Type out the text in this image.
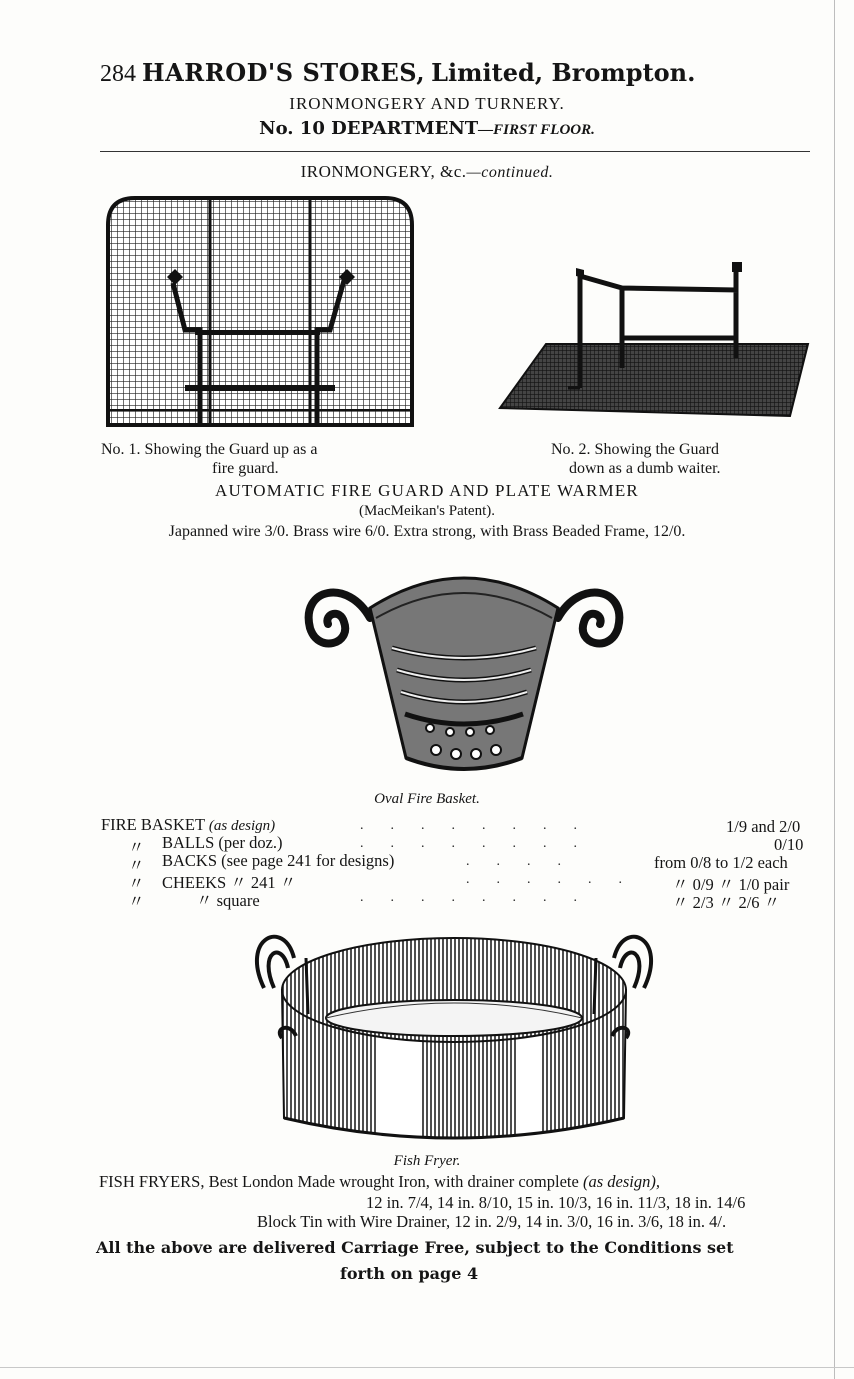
284 HARROD'S STORES, Limited, Brompton.
IRONMONGERY AND TURNERY.
No. 10 DEPARTMENT—FIRST FLOOR.
IRONMONGERY, &c.—continued.
No. 1. Showing the Guard up as a
fire guard.
No. 2. Showing the Guard
down as a dumb waiter.
AUTOMATIC FIRE GUARD AND PLATE WARMER
(MacMeikan's Patent).
Japanned wire 3/0. Brass wire 6/0. Extra strong, with Brass Beaded Frame, 12/0.
Oval Fire Basket.
FIRE BASKET (as design)	........	1/9 and 2/0
〃 BALLS (per doz.)	........	0/10
〃 BACKS (see page 241 for designs)	....	from 0/8 to 1/2 each
〃 CHEEKS 〃 241 〃	...... 〃 0/9 〃 1/0 pair
〃	〃 square	........	〃 2/3 〃 2/6 〃
Fish Fryer.
FISH FRYERS, Best London Made wrought Iron, with drainer complete (as design),
12 in. 7/4, 14 in. 8/10, 15 in. 10/3, 16 in. 11/3, 18 in. 14/6
Block Tin with Wire Drainer, 12 in. 2/9, 14 in. 3/0, 16 in. 3/6, 18 in. 4/.
All the above are delivered Carriage Free, subject to the Conditions set
forth on page 4
